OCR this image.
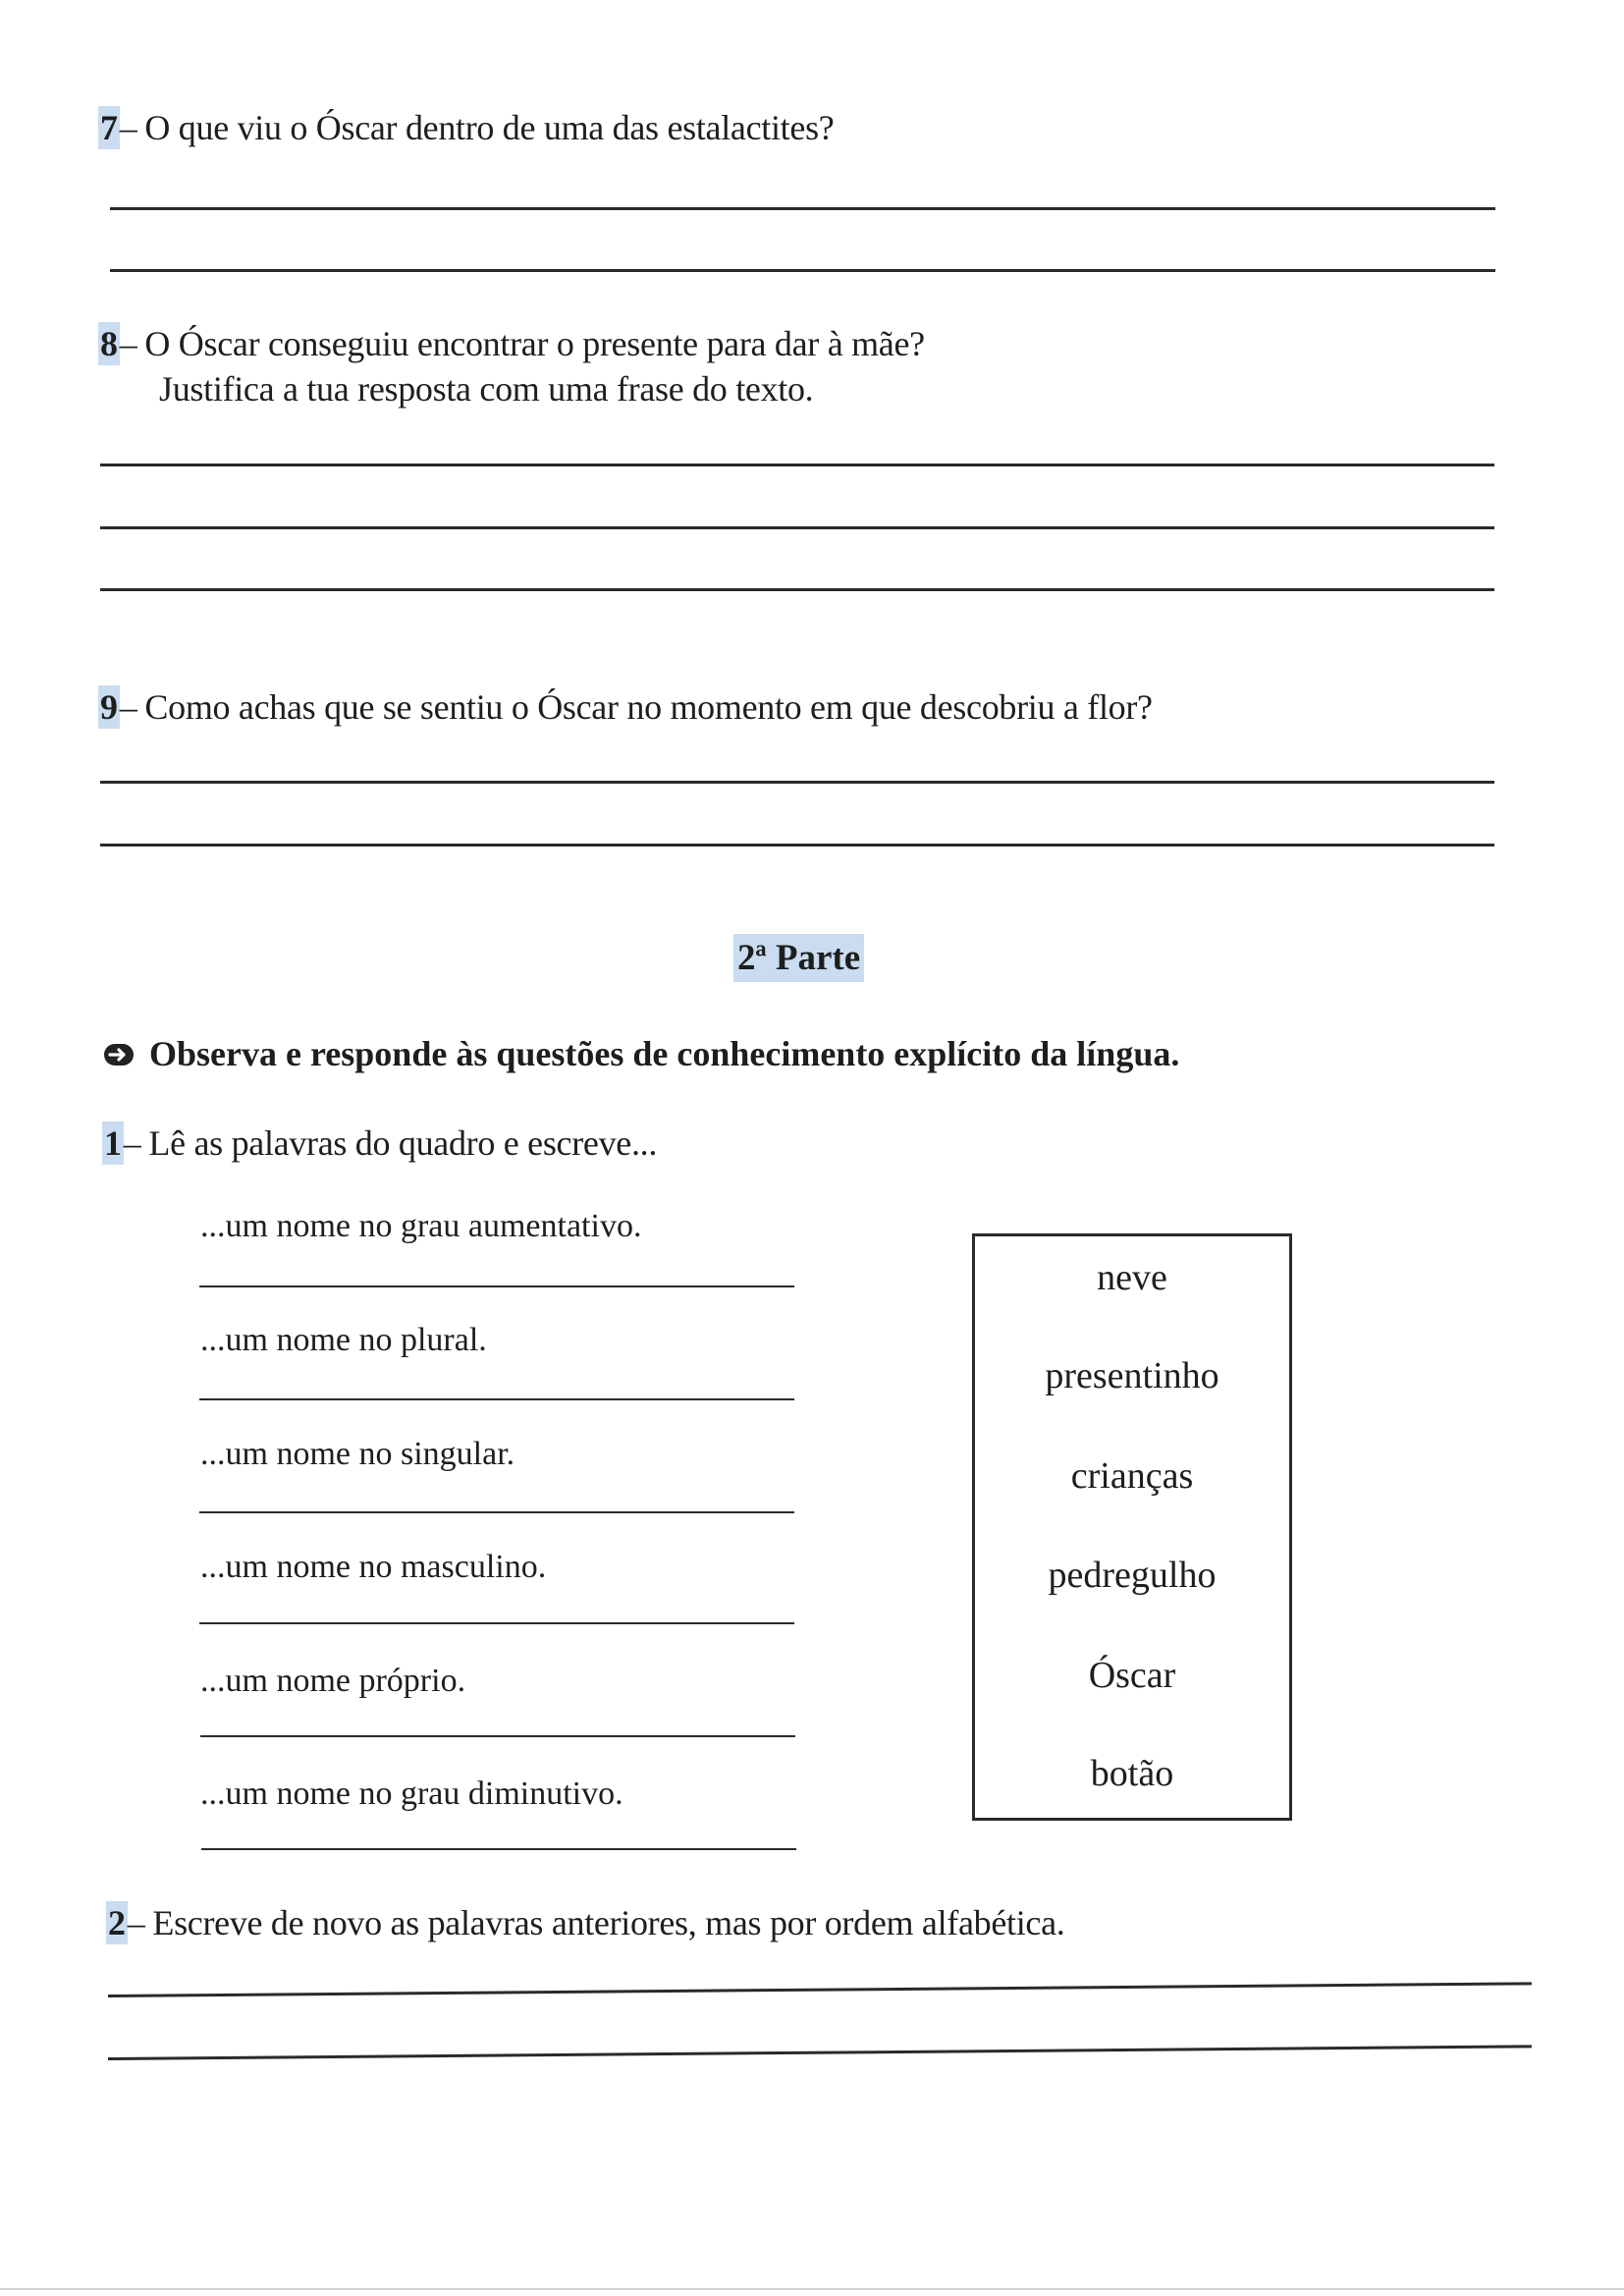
7– O que viu o Óscar dentro de uma das estalactites?
8– O Óscar conseguiu encontrar o presente para dar à mãe?
Justifica a tua resposta com uma frase do texto.
9– Como achas que se sentiu o Óscar no momento em que descobriu a flor?
2ª Parte
Observa e responde às questões de conhecimento explícito da língua.
1– Lê as palavras do quadro e escreve...
...um nome no grau aumentativo.
...um nome no plural.
...um nome no singular.
...um nome no masculino.
...um nome próprio.
...um nome no grau diminutivo.
neve
presentinho
crianças
pedregulho
Óscar
botão
2– Escreve de novo as palavras anteriores, mas por ordem alfabética.
